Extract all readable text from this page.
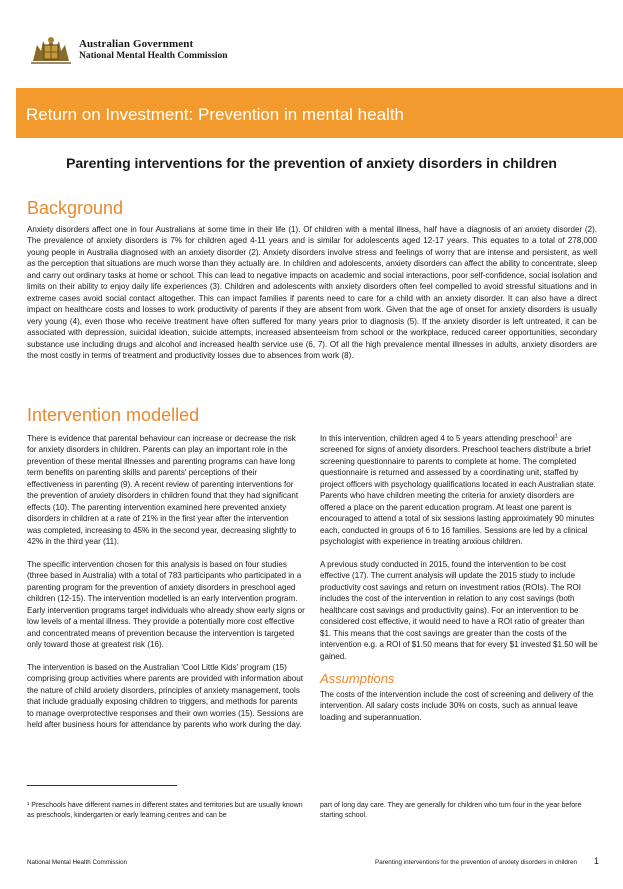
Australian Government
National Mental Health Commission
Return on Investment: Prevention in mental health
Parenting interventions for the prevention of anxiety disorders in children
Background

Anxiety disorders affect one in four Australians at some time in their life (1). Of children with a mental illness, half have a diagnosis of an anxiety disorder (2). The prevalence of anxiety disorders is 7% for children aged 4-11 years and is similar for adolescents aged 12-17 years. This equates to a total of 278,000 young people in Australia diagnosed with an anxiety disorder (2). Anxiety disorders involve stress and feelings of worry that are intense and persistent, as well as the perception that situations are much worse than they actually are. In children and adolescents, anxiety disorders can affect the ability to concentrate, sleep and carry out ordinary tasks at home or school. This can lead to negative impacts on academic and social interactions, poor self-confidence, social isolation and limits on their ability to enjoy daily life experiences (3). Children and adolescents with anxiety disorders often feel compelled to avoid stressful situations and in extreme cases avoid social contact altogether. This can impact families if parents need to care for a child with an anxiety disorder. It can also have a direct impact on healthcare costs and losses to work productivity of parents if they are absent from work. Given that the age of onset for anxiety disorders is usually very young (4), even those who receive treatment have often suffered for many years prior to diagnosis (5). If the anxiety disorder is left untreated, it can be associated with depression, suicidal ideation, suicide attempts, increased absenteeism from school or the workplace, reduced career opportunities, secondary substance use including drugs and alcohol and increased health service use (6, 7). Of all the high prevalence mental illnesses in adults, anxiety disorders are the most costly in terms of treatment and productivity losses due to absences from work (8).

Intervention modelled

There is evidence that parental behaviour can increase or decrease the risk for anxiety disorders in children. Parents can play an important role in the prevention of these mental illnesses and parenting programs can have long term benefits on parenting skills and parents' perceptions of their effectiveness in parenting (9). A recent review of parenting interventions for the prevention of anxiety disorders in children found that they had significant effects (10). The parenting intervention examined here prevented anxiety disorders in children at a rate of 21% in the first year after the intervention was completed, increasing to 45% in the second year, decreasing slightly to 42% in the third year (11).

The specific intervention chosen for this analysis is based on four studies (three based in Australia) with a total of 783 participants who participated in a parenting program for the prevention of anxiety disorders in preschool aged children (12-15). The intervention modelled is an early intervention program. Early intervention programs target individuals who already show early signs or low levels of a mental illness. They provide a potentially more cost effective and concentrated means of prevention because the intervention is targeted only toward those at greatest risk (16).

The intervention is based on the Australian 'Cool Little Kids' program (15) comprising group activities where parents are provided with information about the nature of child anxiety disorders, principles of anxiety management, tools that include gradually exposing children to triggers, and methods for parents to manage overprotective responses and their own worries (15). Sessions are held after business hours for attendance by parents who work during the day.

In this intervention, children aged 4 to 5 years attending preschool$^1$ are screened for signs of anxiety disorders. Preschool teachers distribute a brief screening questionnaire to parents to complete at home. The completed questionnaire is returned and assessed by a coordinating unit, staffed by project officers with psychology qualifications located in each Australian state. Parents who have children meeting the criteria for anxiety disorders are offered a place on the parent education program. At least one parent is encouraged to attend a total of six sessions lasting approximately 90 minutes each, conducted in groups of 6 to 16 families. Sessions are led by a clinical psychologist with experience in treating anxious children.

A previous study conducted in 2015, found the intervention to be cost effective (17). The current analysis will update the 2015 study to include productivity cost savings and return on investment ratios (ROIs). The ROI includes the cost of the intervention in relation to any cost savings (both healthcare cost savings and productivity gains). For an intervention to be considered cost effective, it would need to have a ROI ratio of greater than $1. This means that the cost savings are greater than the costs of the intervention e.g. a ROI of $1.50 means that for every $1 invested $1.50 will be gained.

Assumptions

The costs of the intervention include the cost of screening and delivery of the intervention. All salary costs include 30% on costs, such as annual leave loading and superannuation.

¹ Preschools have different names in different states and territories but are usually known as preschools, kindergarten or early learning centres and can be
part of long day care. They are generally for children who turn four in the year before starting school.
National Mental Health Commission	Parenting interventions for the prevention of anxiety disorders in children 1
